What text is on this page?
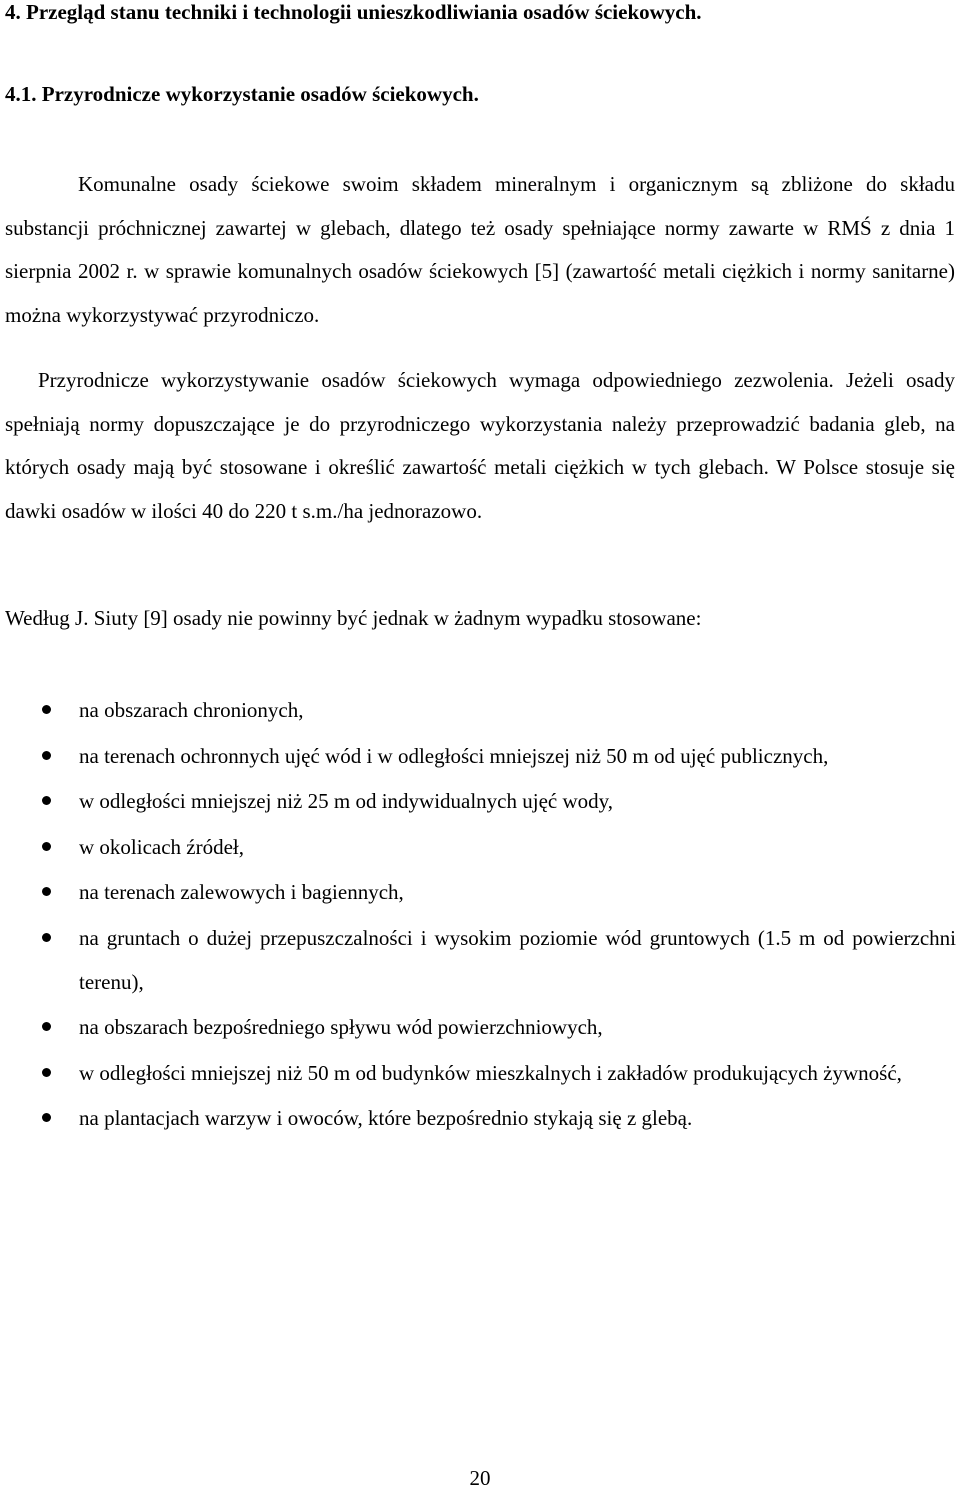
4. Przegląd stanu techniki i technologii unieszkodliwiania osadów ściekowych.
4.1. Przyrodnicze wykorzystanie osadów ściekowych.
Komunalne osady ściekowe swoim składem mineralnym i organicznym są zbliżone do składu substancji próchnicznej zawartej w glebach, dlatego też osady spełniające normy zawarte w RMŚ z dnia 1 sierpnia 2002 r. w sprawie komunalnych osadów ściekowych [5] (zawartość metali ciężkich i normy sanitarne) można wykorzystywać przyrodniczo.
Przyrodnicze wykorzystywanie osadów ściekowych wymaga odpowiedniego zezwolenia. Jeżeli osady spełniają normy dopuszczające je do przyrodniczego wykorzystania należy przeprowadzić badania gleb, na których osady mają być stosowane i określić zawartość metali ciężkich w tych glebach. W Polsce stosuje się dawki osadów w ilości 40 do 220 t s.m./ha jednorazowo.
Według J. Siuty [9] osady nie powinny być jednak w żadnym wypadku stosowane:
na obszarach chronionych,
na terenach ochronnych ujęć wód i w odległości mniejszej niż 50 m od ujęć publicznych,
w odległości mniejszej niż 25 m od indywidualnych ujęć wody,
w okolicach źródeł,
na terenach zalewowych i bagiennych,
na gruntach o dużej przepuszczalności i wysokim poziomie wód gruntowych (1.5 m od powierzchni terenu),
na obszarach bezpośredniego spływu wód powierzchniowych,
w odległości mniejszej niż 50 m od budynków mieszkalnych i zakładów produkujących żywność,
na plantacjach warzyw i owoców, które bezpośrednio stykają się z glebą.
20
